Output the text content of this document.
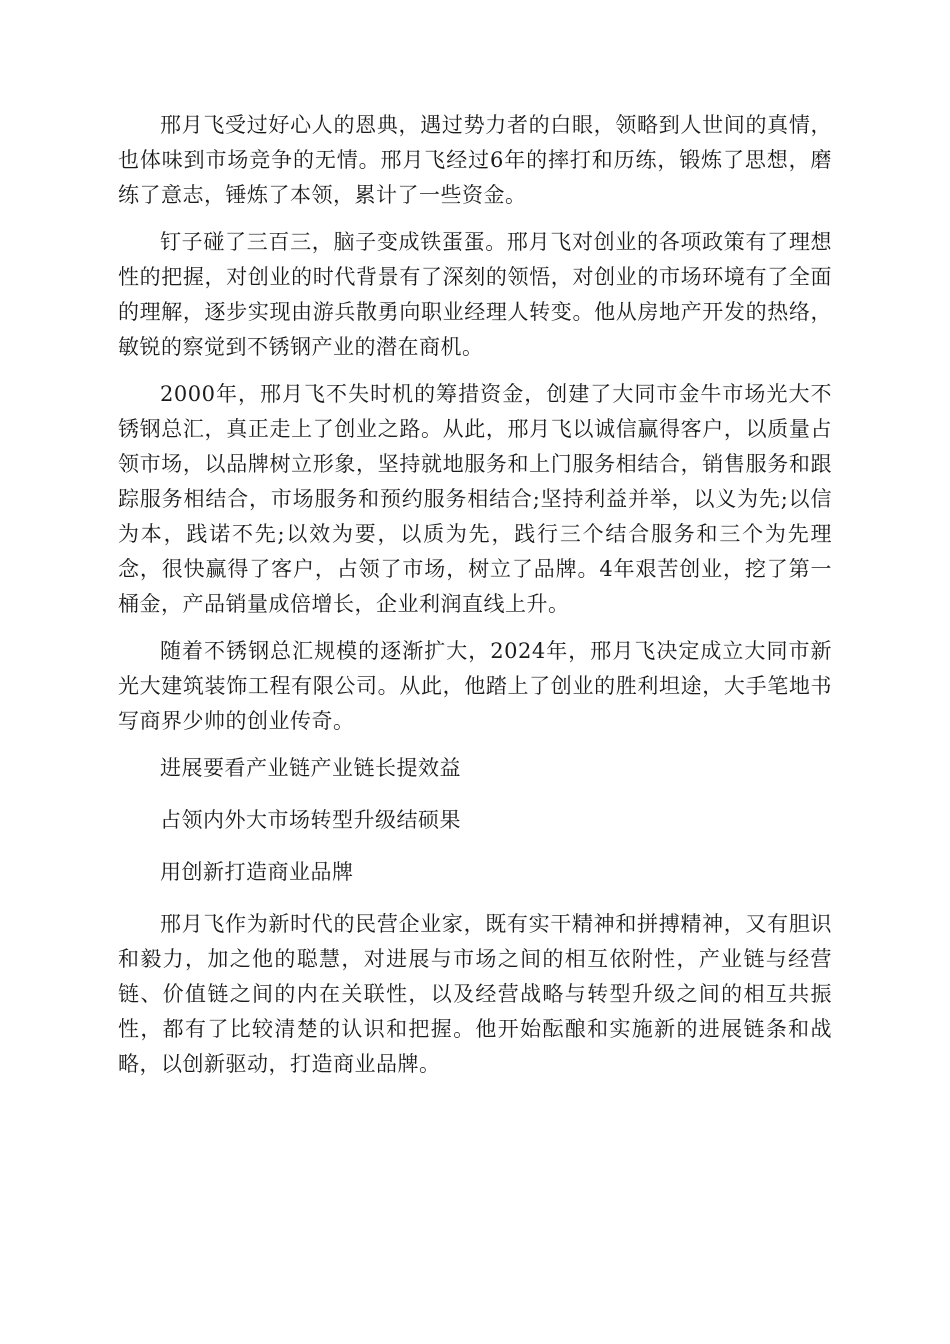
邢月飞受过好心人的恩典，遇过势力者的白眼，领略到人世间的真情，也体味到市场竞争的无情。邢月飞经过6年的摔打和历练，锻炼了思想，磨练了意志，锤炼了本领，累计了一些资金。

钉子碰了三百三，脑子变成铁蛋蛋。邢月飞对创业的各项政策有了理想性的把握，对创业的时代背景有了深刻的领悟，对创业的市场环境有了全面的理解，逐步实现由游兵散勇向职业经理人转变。他从房地产开发的热络，敏锐的察觉到不锈钢产业的潜在商机。

2000年，邢月飞不失时机的筹措资金，创建了大同市金牛市场光大不锈钢总汇，真正走上了创业之路。从此，邢月飞以诚信赢得客户，以质量占领市场，以品牌树立形象，坚持就地服务和上门服务相结合，销售服务和跟踪服务相结合，市场服务和预约服务相结合;坚持利益并举，以义为先;以信为本，践诺不先;以效为要，以质为先，践行三个结合服务和三个为先理念，很快赢得了客户，占领了市场，树立了品牌。4年艰苦创业，挖了第一桶金，产品销量成倍增长，企业利润直线上升。

随着不锈钢总汇规模的逐渐扩大，2024年，邢月飞决定成立大同市新光大建筑装饰工程有限公司。从此，他踏上了创业的胜利坦途，大手笔地书写商界少帅的创业传奇。

进展要看产业链产业链长提效益

占领内外大市场转型升级结硕果

用创新打造商业品牌

邢月飞作为新时代的民营企业家，既有实干精神和拼搏精神，又有胆识和毅力，加之他的聪慧，对进展与市场之间的相互依附性，产业链与经营链、价值链之间的内在关联性，以及经营战略与转型升级之间的相互共振性，都有了比较清楚的认识和把握。他开始酝酿和实施新的进展链条和战略，以创新驱动，打造商业品牌。
